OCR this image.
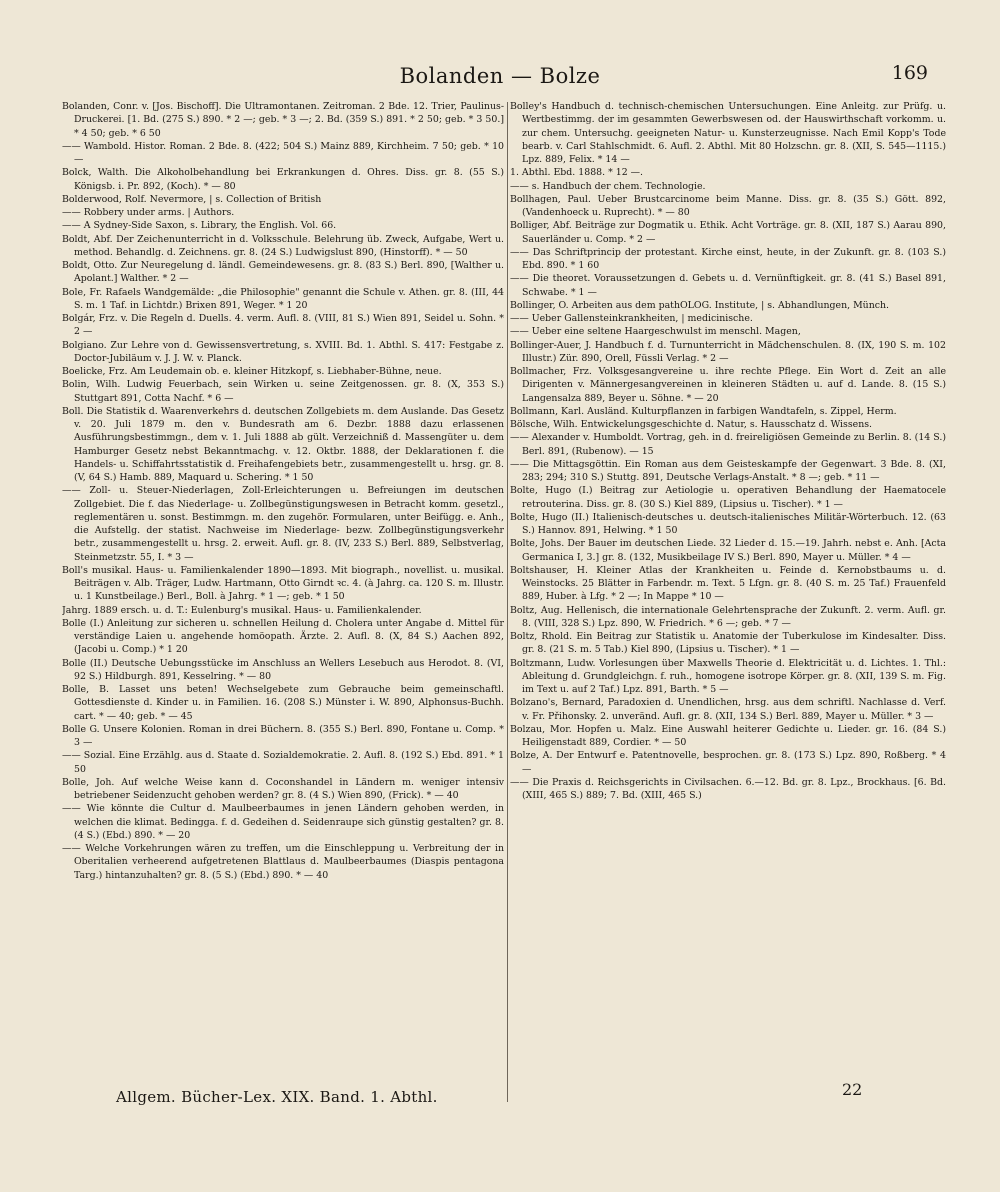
Bolanden — Bolze	169

Bolanden, Conr. v. [Jos. Bischoff]. Die Ultramontanen. Zeitroman. 2 Bde. 12. Trier, Paulinus-Druckerei. [1. Bd. (275 S.) 890. * 2 —; geb. * 3 —; 2. Bd. (359 S.) 891. * 2 50; geb. * 3 50.] * 4 50; geb. * 6 50

—— Wambold. Histor. Roman. 2 Bde. 8. (422; 504 S.) Mainz 889, Kirchheim. 7 50; geb. * 10 —

Bolck, Walth. Die Alkoholbehandlung bei Erkrankungen d. Ohres. Diss. gr. 8. (55 S.) Königsb. i. Pr. 892, (Koch). * — 80

Bolderwood, Rolf. Nevermore, | s. Collection of British

—— Robbery under arms. | Authors.

—— A Sydney-Side Saxon, s. Library, the English. Vol. 66.

Boldt, Abf. Der Zeichenunterricht in d. Volksschule. Belehrung üb. Zweck, Aufgabe, Wert u. method. Behandlg. d. Zeichnens. gr. 8. (24 S.) Ludwigslust 890, (Hinstorff). * — 50

Boldt, Otto. Zur Neuregelung d. ländl. Gemeindewesens. gr. 8. (83 S.) Berl. 890, [Walther u. Apolant.] Walther. * 2 —

Bole, Fr. Rafaels Wandgemälde: „die Philosophie" genannt die Schule v. Athen. gr. 8. (III, 44 S. m. 1 Taf. in Lichtdr.) Brixen 891, Weger. * 1 20

Bolgár, Frz. v. Die Regeln d. Duells. 4. verm. Aufl. 8. (VIII, 81 S.) Wien 891, Seidel u. Sohn. * 2 —

Bolgiano. Zur Lehre von d. Gewissensvertretung, s. XVIII. Bd. 1. Abthl. S. 417: Festgabe z. Doctor-Jubiläum v. J. J. W. v. Planck.

Boelicke, Frz. Am Leudemain ob. e. kleiner Hitzkopf, s. Liebhaber-Bühne, neue.

Bolin, Wilh. Ludwig Feuerbach, sein Wirken u. seine Zeitgenossen. gr. 8. (X, 353 S.) Stuttgart 891, Cotta Nachf. * 6 —

Boll. Die Statistik d. Waarenverkehrs d. deutschen Zollgebiets m. dem Auslande. Das Gesetz v. 20. Juli 1879 m. den v. Bundesrath am 6. Dezbr. 1888 dazu erlassenen Ausführungsbestimmgn., dem v. 1. Juli 1888 ab gült. Verzeichniß d. Massengüter u. dem Hamburger Gesetz nebst Bekanntmachg. v. 12. Oktbr. 1888, der Deklarationen f. die Handels- u. Schiffahrtsstatistik d. Freihafengebiets betr., zusammengestellt u. hrsg. gr. 8. (V, 64 S.) Hamb. 889, Maquard u. Schering. * 1 50

—— Zoll- u. Steuer-Niederlagen, Zoll-Erleichterungen u. Befreiungen im deutschen Zollgebiet. Die f. das Niederlage- u. Zollbegünstigungswesen in Betracht komm. gesetzl., reglementären u. sonst. Bestimmgn. m. den zugehör. Formularen, unter Beifügg. e. Anh., die Aufstellg. der statist. Nachweise im Niederlage- bezw. Zollbegünstigungsverkehr betr., zusammengestellt u. hrsg. 2. erweit. Aufl. gr. 8. (IV, 233 S.) Berl. 889, Selbstverlag, Steinmetzstr. 55, I. * 3 —

Boll's musikal. Haus- u. Familienkalender 1890—1893. Mit biograph., novellist. u. musikal. Beiträgen v. Alb. Träger, Ludw. Hartmann, Otto Girndt ꝛc. 4. (à Jahrg. ca. 120 S. m. Illustr. u. 1 Kunstbeilage.) Berl., Boll. à Jahrg. * 1 —; geb. * 1 50

Jahrg. 1889 ersch. u. d. T.: Eulenburg's musikal. Haus- u. Familienkalender.

Bolle (I.) Anleitung zur sicheren u. schnellen Heilung d. Cholera unter Angabe d. Mittel für verständige Laien u. angehende homöopath. Ärzte. 2. Aufl. 8. (X, 84 S.) Aachen 892, (Jacobi u. Comp.) * 1 20

Bolle (II.) Deutsche Uebungsstücke im Anschluss an Wellers Lesebuch aus Herodot. 8. (VI, 92 S.) Hildburgh. 891, Kesselring. * — 80

Bolle, B. Lasset uns beten! Wechselgebete zum Gebrauche beim gemeinschaftl. Gottesdienste d. Kinder u. in Familien. 16. (208 S.) Münster i. W. 890, Alphonsus-Buchh. cart. * — 40; geb. * — 45

Bolle G. Unsere Kolonien. Roman in drei Büchern. 8. (355 S.) Berl. 890, Fontane u. Comp. * 3 —

—— Sozial. Eine Erzählg. aus d. Staate d. Sozialdemokratie. 2. Aufl. 8. (192 S.) Ebd. 891. * 1 50

Bolle, Joh. Auf welche Weise kann d. Coconshandel in Ländern m. weniger intensiv betriebener Seidenzucht gehoben werden? gr. 8. (4 S.) Wien 890, (Frick). * — 40

—— Wie könnte die Cultur d. Maulbeerbaumes in jenen Ländern gehoben werden, in welchen die klimat. Bedingga. f. d. Gedeihen d. Seidenraupe sich günstig gestalten? gr. 8. (4 S.) (Ebd.) 890. * — 20

—— Welche Vorkehrungen wären zu treffen, um die Einschleppung u. Verbreitung der in Oberitalien verheerend aufgetretenen Blattlaus d. Maulbeerbaumes (Diaspis pentagona Targ.) hintanzuhalten? gr. 8. (5 S.) (Ebd.) 890. * — 40

Bolley's Handbuch d. technisch-chemischen Untersuchungen. Eine Anleitg. zur Prüfg. u. Wertbestimmg. der im gesammten Gewerbswesen od. der Hauswirthschaft vorkomm. u. zur chem. Untersuchg. geeigneten Natur- u. Kunsterzeugnisse. Nach Emil Kopp's Tode bearb. v. Carl Stahlschmidt. 6. Aufl. 2. Abthl. Mit 80 Holzschn. gr. 8. (XII, S. 545—1115.) Lpz. 889, Felix. * 14 —

1. Abthl. Ebd. 1888. * 12 —.

—— s. Handbuch der chem. Technologie.

Bollhagen, Paul. Ueber Brustcarcinome beim Manne. Diss. gr. 8. (35 S.) Gött. 892, (Vandenhoeck u. Ruprecht). * — 80

Bolliger, Abf. Beiträge zur Dogmatik u. Ethik. Acht Vorträge. gr. 8. (XII, 187 S.) Aarau 890, Sauerländer u. Comp. * 2 —

—— Das Schriftprincip der protestant. Kirche einst, heute, in der Zukunft. gr. 8. (103 S.) Ebd. 890. * 1 60

—— Die theoret. Voraussetzungen d. Gebets u. d. Vernünftigkeit. gr. 8. (41 S.) Basel 891, Schwabe. * 1 —

Bollinger, O. Arbeiten aus dem pathOLOG. Institute, | s. Abhandlungen, Münch.

—— Ueber Gallensteinkrankheiten, | medicinische.

—— Ueber eine seltene Haargeschwulst im menschl. Magen,

Bollinger-Auer, J. Handbuch f. d. Turnunterricht in Mädchenschulen. 8. (IX, 190 S. m. 102 Illustr.) Zür. 890, Orell, Füssli Verlag. * 2 —

Bollmacher, Frz. Volksgesangvereine u. ihre rechte Pflege. Ein Wort d. Zeit an alle Dirigenten v. Männergesangvereinen in kleineren Städten u. auf d. Lande. 8. (15 S.) Langensalza 889, Beyer u. Söhne. * — 20

Bollmann, Karl. Ausländ. Kulturpflanzen in farbigen Wandtafeln, s. Zippel, Herm.

Bölsche, Wilh. Entwickelungsgeschichte d. Natur, s. Hausschatz d. Wissens.

—— Alexander v. Humboldt. Vortrag, geh. in d. freireligiösen Gemeinde zu Berlin. 8. (14 S.) Berl. 891, (Rubenow). — 15

—— Die Mittagsgöttin. Ein Roman aus dem Geisteskampfe der Gegenwart. 3 Bde. 8. (XI, 283; 294; 310 S.) Stuttg. 891, Deutsche Verlags-Anstalt. * 8 —; geb. * 11 —

Bolte, Hugo (I.) Beitrag zur Aetiologie u. operativen Behandlung der Haematocele retrouterina. Diss. gr. 8. (30 S.) Kiel 889, (Lipsius u. Tischer). * 1 —

Bolte, Hugo (II.) Italienisch-deutsches u. deutsch-italienisches Militär-Wörterbuch. 12. (63 S.) Hannov. 891, Helwing. * 1 50

Bolte, Johs. Der Bauer im deutschen Liede. 32 Lieder d. 15.—19. Jahrh. nebst e. Anh. [Acta Germanica I, 3.] gr. 8. (132, Musikbeilage IV S.) Berl. 890, Mayer u. Müller. * 4 —

Boltshauser, H. Kleiner Atlas der Krankheiten u. Feinde d. Kernobstbaums u. d. Weinstocks. 25 Blätter in Farbendr. m. Text. 5 Lfgn. gr. 8. (40 S. m. 25 Taf.) Frauenfeld 889, Huber. à Lfg. * 2 —; In Mappe * 10 —

Boltz, Aug. Hellenisch, die internationale Gelehrtensprache der Zukunft. 2. verm. Aufl. gr. 8. (VIII, 328 S.) Lpz. 890, W. Friedrich. * 6 —; geb. * 7 —

Boltz, Rhold. Ein Beitrag zur Statistik u. Anatomie der Tuberkulose im Kindesalter. Diss. gr. 8. (21 S. m. 5 Tab.) Kiel 890, (Lipsius u. Tischer). * 1 —

Boltzmann, Ludw. Vorlesungen über Maxwells Theorie d. Elektricität u. d. Lichtes. 1. Thl.: Ableitung d. Grundgleichgn. f. ruh., homogene isotrope Körper. gr. 8. (XII, 139 S. m. Fig. im Text u. auf 2 Taf.) Lpz. 891, Barth. * 5 —

Bolzano's, Bernard, Paradoxien d. Unendlichen, hrsg. aus dem schriftl. Nachlasse d. Verf. v. Fr. Přihonsky. 2. unveränd. Aufl. gr. 8. (XII, 134 S.) Berl. 889, Mayer u. Müller. * 3 —

Bolzau, Mor. Hopfen u. Malz. Eine Auswahl heiterer Gedichte u. Lieder. gr. 16. (84 S.) Heiligenstadt 889, Cordier. * — 50

Bolze, A. Der Entwurf e. Patentnovelle, besprochen. gr. 8. (173 S.) Lpz. 890, Roßberg. * 4 —

—— Die Praxis d. Reichsgerichts in Civilsachen. 6.—12. Bd. gr. 8. Lpz., Brockhaus. [6. Bd. (XIII, 465 S.) 889; 7. Bd. (XIII, 465 S.)

Allgem. Bücher-Lex. XIX. Band. 1. Abthl.	22
